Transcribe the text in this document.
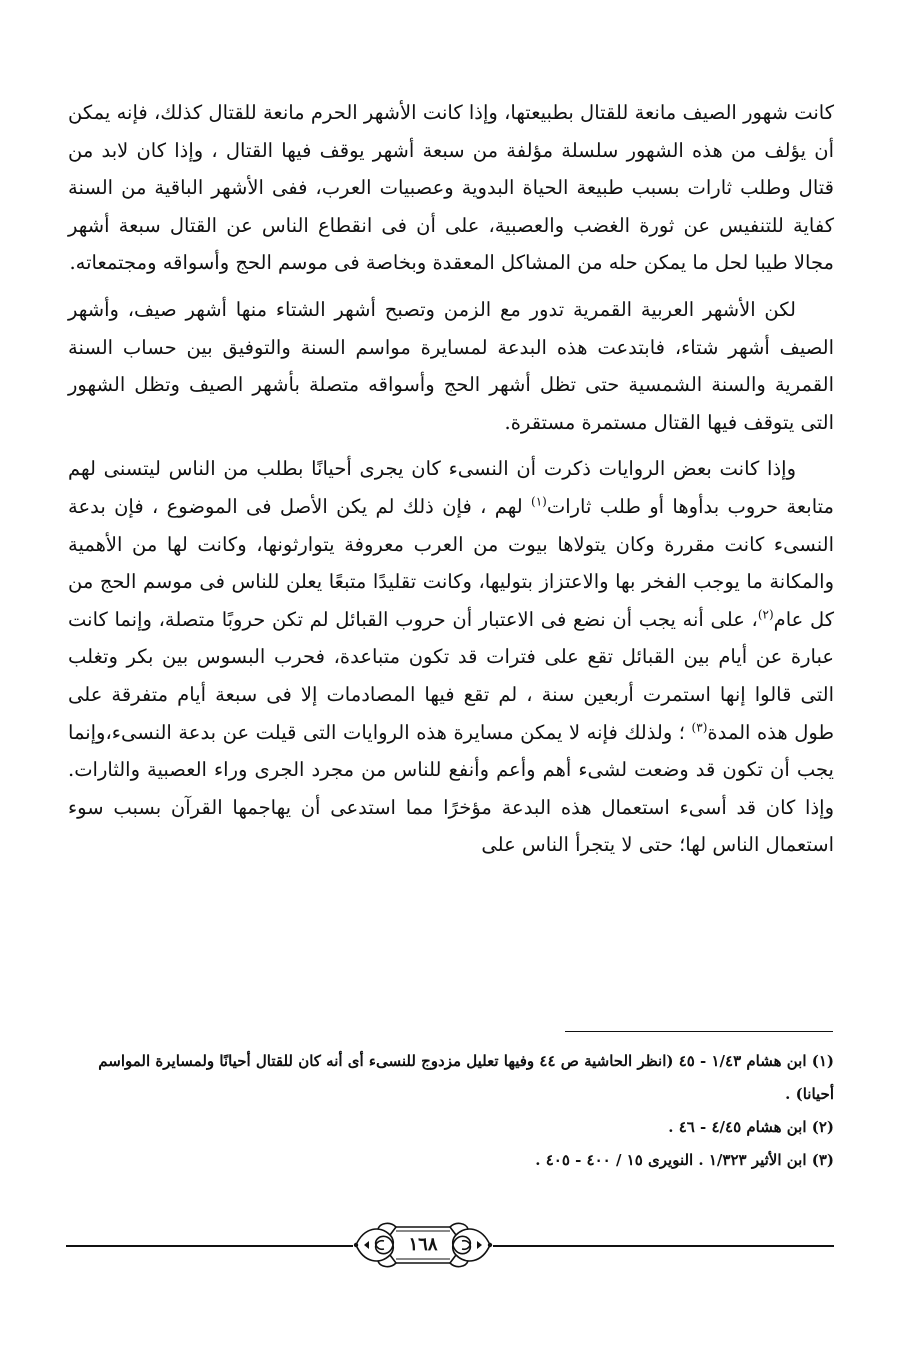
كانت شهور الصيف مانعة للقتال بطبيعتها، وإذا كانت الأشهر الحرم مانعة للقتال كذلك، فإنه يمكن أن يؤلف من هذه الشهور سلسلة مؤلفة من سبعة أشهر يوقف فيها القتال ، وإذا كان لابد من قتال وطلب ثارات بسبب طبيعة الحياة البدوية وعصبيات العرب، ففى الأشهر الباقية من السنة كفاية للتنفيس عن ثورة الغضب والعصبية، على أن فى انقطاع الناس عن القتال سبعة أشهر مجالا طيبا لحل ما يمكن حله من المشاكل المعقدة وبخاصة فى موسم الحج وأسواقه ومجتمعاته.

لكن الأشهر العربية القمرية تدور مع الزمن وتصبح أشهر الشتاء منها أشهر صيف، وأشهر الصيف أشهر شتاء، فابتدعت هذه البدعة لمسايرة مواسم السنة والتوفيق بين حساب السنة القمرية والسنة الشمسية حتى تظل أشهر الحج وأسواقه متصلة بأشهر الصيف وتظل الشهور التى يتوقف فيها القتال مستمرة مستقرة.

وإذا كانت بعض الروايات ذكرت أن النسىء كان يجرى أحيانًا بطلب من الناس ليتسنى لهم متابعة حروب بدأوها أو طلب ثارات$^{(١)}$ لهم ، فإن ذلك لم يكن الأصل فى الموضوع ، فإن بدعة النسىء كانت مقررة وكان يتولاها بيوت من العرب معروفة يتوارثونها، وكانت لها من الأهمية والمكانة ما يوجب الفخر بها والاعتزاز بتوليها، وكانت تقليدًا متبعًا يعلن للناس فى موسم الحج من كل عام$^{(٢)}$، على أنه يجب أن نضع فى الاعتبار أن حروب القبائل لم تكن حروبًا متصلة، وإنما كانت عبارة عن أيام بين القبائل تقع على فترات قد تكون متباعدة، فحرب البسوس بين بكر وتغلب التى قالوا إنها استمرت أربعين سنة ، لم تقع فيها المصادمات إلا فى سبعة أيام متفرقة على طول هذه المدة$^{(٣)}$ ؛ ولذلك فإنه لا يمكن مسايرة هذه الروايات التى قيلت عن بدعة النسىء،وإنما يجب أن تكون قد وضعت لشىء أهم وأعم وأنفع للناس من مجرد الجرى وراء العصبية والثارات. وإذا كان قد أسىء استعمال هذه البدعة مؤخرًا مما استدعى أن يهاجمها القرآن بسبب سوء استعمال الناس لها؛ حتى لا يتجرأ الناس على

(١) ابن هشام ١/٤٣ - ٤٥ (انظر الحاشية ص ٤٤ وفيها تعليل مزدوج للنسىء أى أنه كان للقتال أحيانًا ولمسايرة المواسم أحيانا) .

(٢) ابن هشام ٤/٤٥ - ٤٦ .

(٣) ابن الأثير ١/٣٢٣ . النويرى ١٥ / ٤٠٠ - ٤٠٥ .

١٦٨
